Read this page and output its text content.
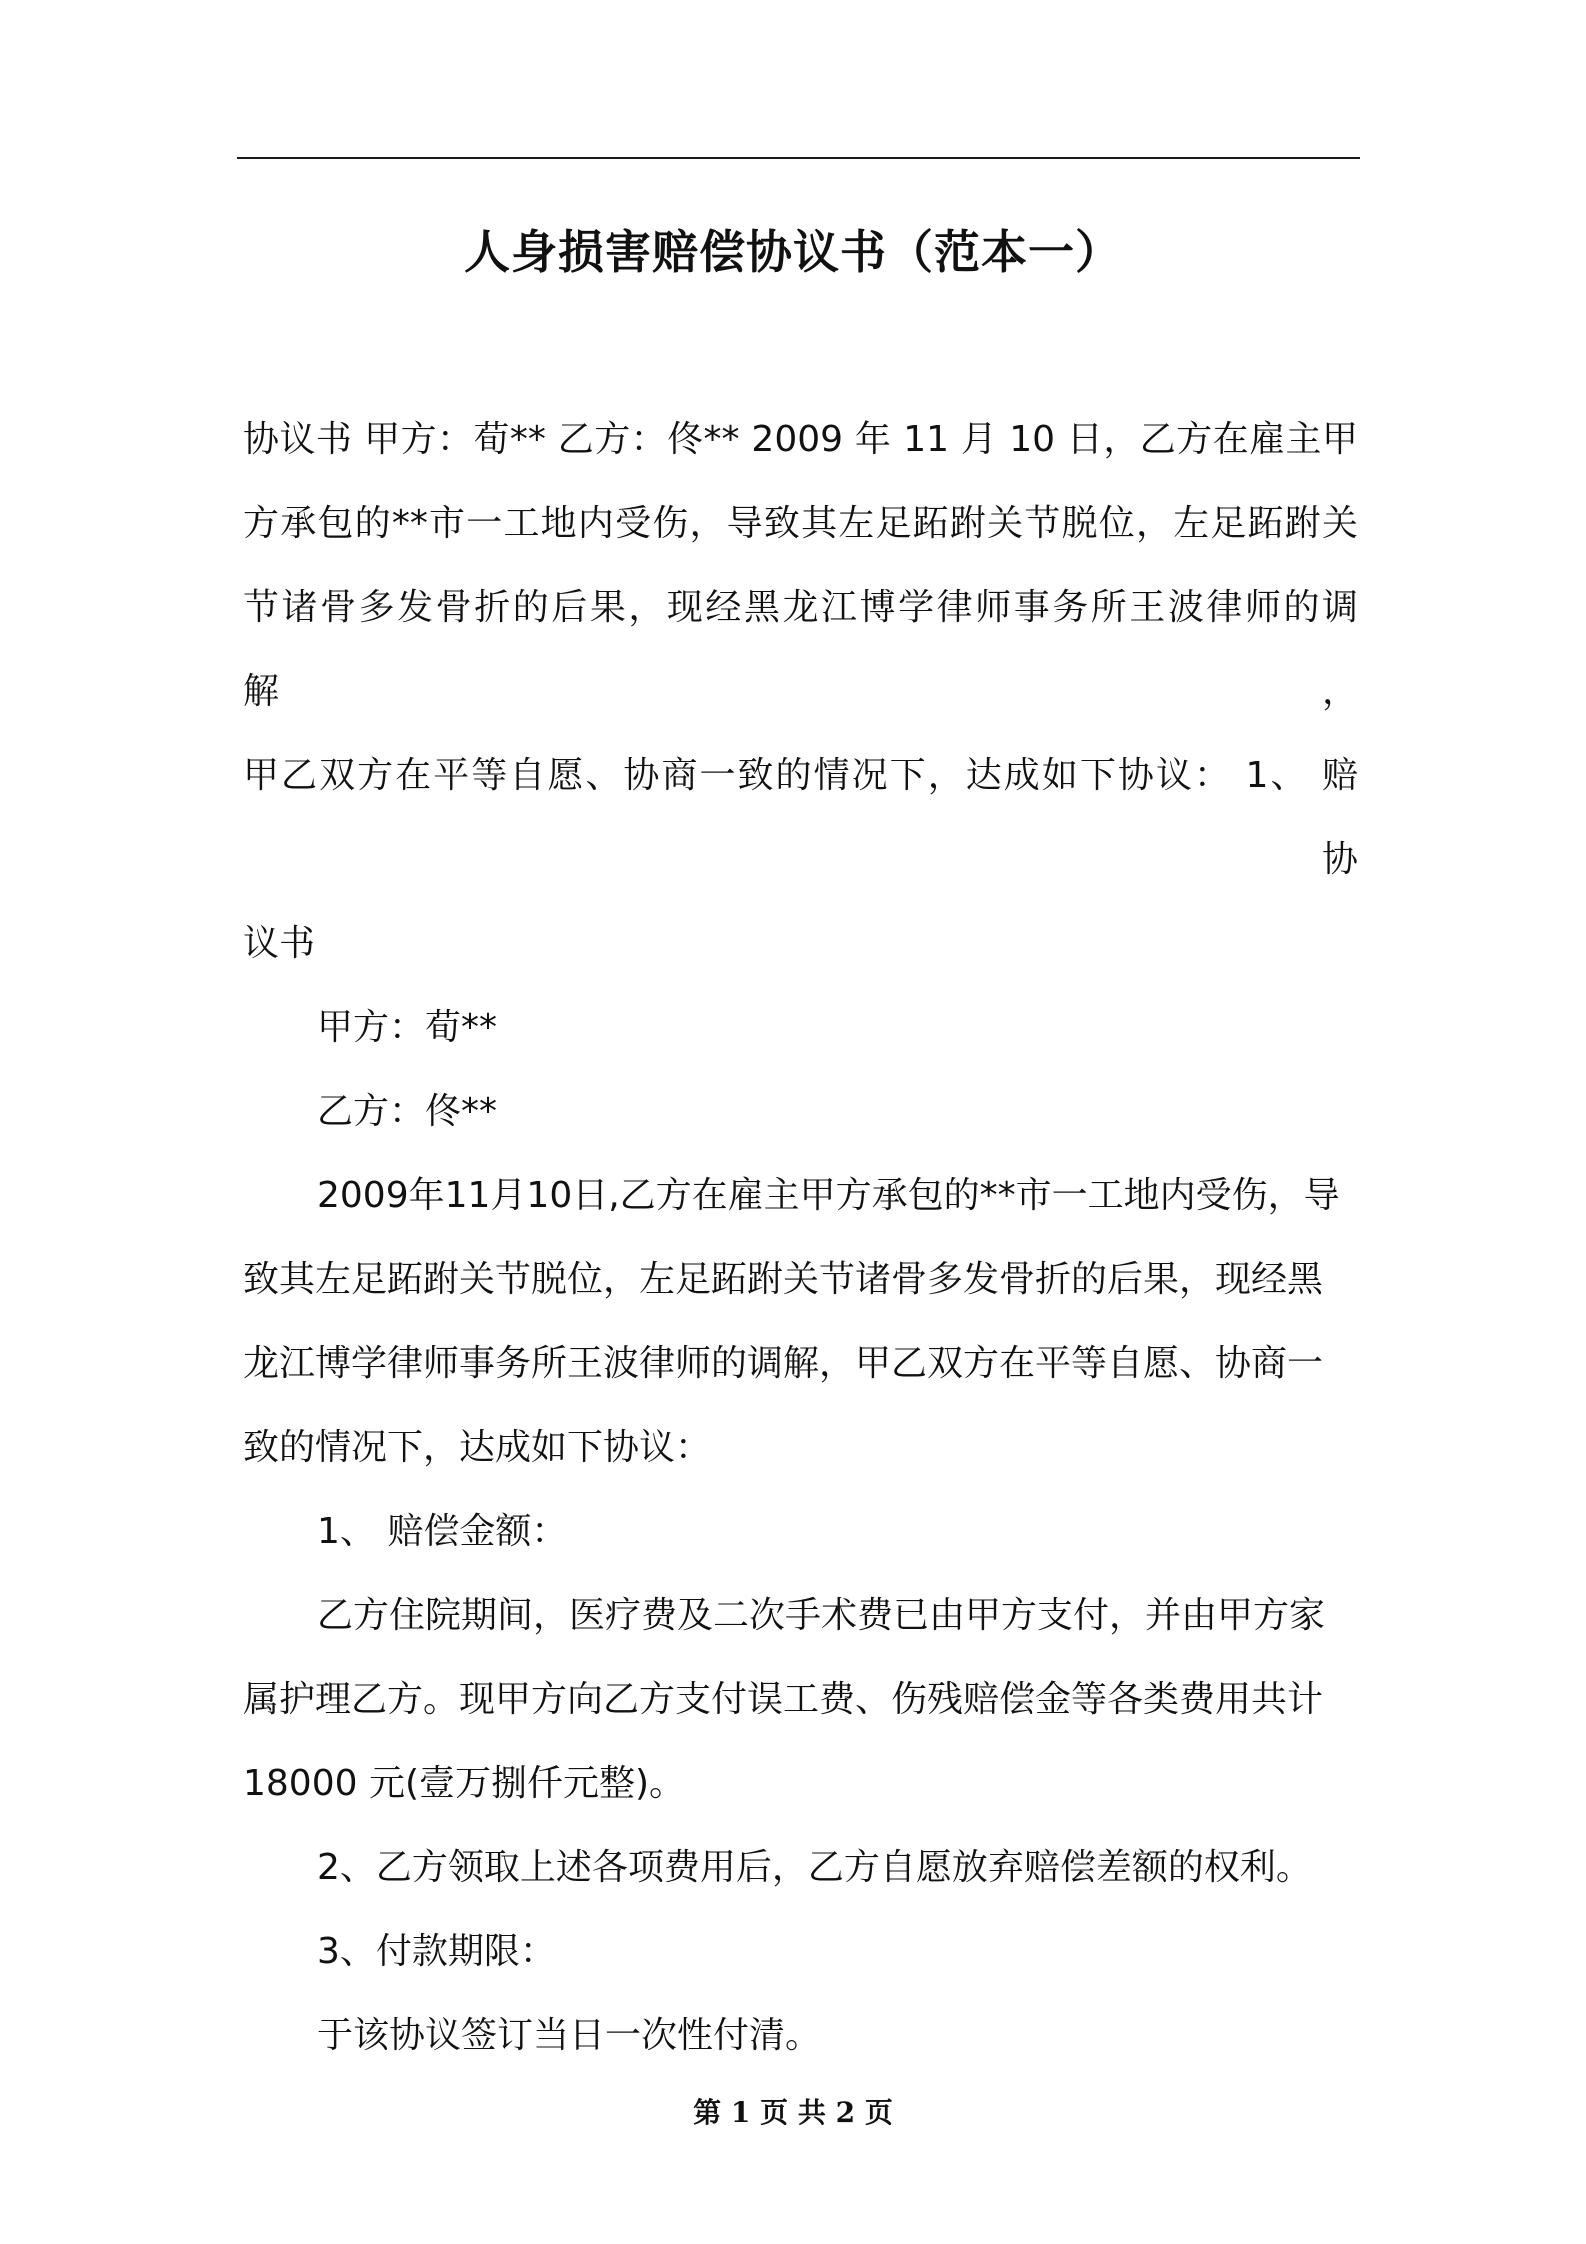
人身损害赔偿协议书（范本一）

协议书 甲方：荀** 乙方：佟** 2009 年 11 月 10 日，乙方在雇主甲

方承包的**市一工地内受伤，导致其左足跖跗关节脱位，左足跖跗关

节诸骨多发骨折的后果，现经黑龙江博学律师事务所王波律师的调解，

甲乙双方在平等自愿、协商一致的情况下，达成如下协议： 1、 赔

协

议书

甲方：荀**

乙方：佟**

2009年11月10日,乙方在雇主甲方承包的**市一工地内受伤，导致其左足跖跗关节脱位，左足跖跗关节诸骨多发骨折的后果，现经黑龙江博学律师事务所王波律师的调解，甲乙双方在平等自愿、协商一致的情况下，达成如下协议：

1、 赔偿金额：

乙方住院期间，医疗费及二次手术费已由甲方支付，并由甲方家属护理乙方。现甲方向乙方支付误工费、伤残赔偿金等各类费用共计18000 元(壹万捌仟元整)。

2、乙方领取上述各项费用后，乙方自愿放弃赔偿差额的权利。

3、付款期限：

于该协议签订当日一次性付清。

第 1 页 共 2 页
